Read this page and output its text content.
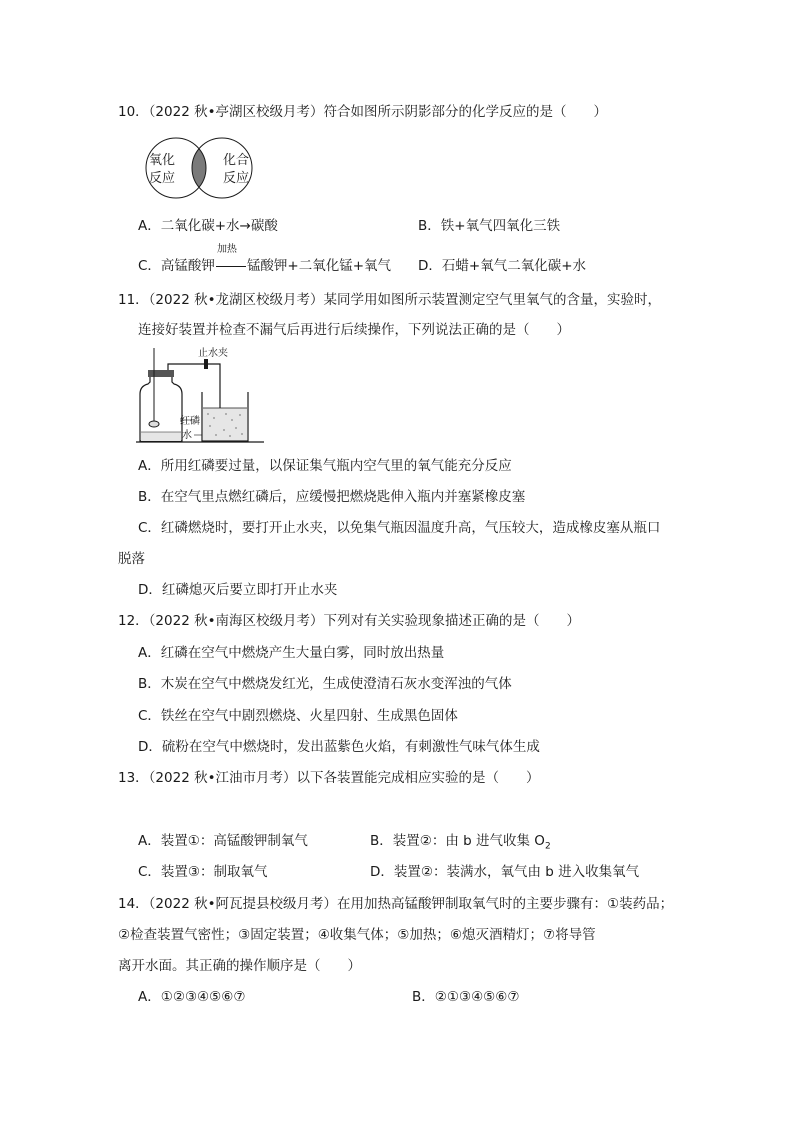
10．（2022 秋•亭湖区校级月考）符合如图所示阴影部分的化学反应的是（　　）
氧化
反应
化合
反应
A．二氧化碳+水→碳酸	B．铁+氧气四氧化三铁
C．高锰酸钾
加热
锰酸钾+二氧化锰+氧气 D．石蜡+氧气二氧化碳+水
11．（2022 秋•龙湖区校级月考）某同学用如图所示装置测定空气里氧气的含量，实验时，
连接好装置并检查不漏气后再进行后续操作，下列说法正确的是（　　）
止水夹
红磷
水
A．所用红磷要过量，以保证集气瓶内空气里的氧气能充分反应
B．在空气里点燃红磷后，应缓慢把燃烧匙伸入瓶内并塞紧橡皮塞
C．红磷燃烧时，要打开止水夹，以免集气瓶因温度升高，气压较大，造成橡皮塞从瓶口
脱落
D．红磷熄灭后要立即打开止水夹
12．（2022 秋•南海区校级月考）下列对有关实验现象描述正确的是（　　）
A．红磷在空气中燃烧产生大量白雾，同时放出热量
B．木炭在空气中燃烧发红光，生成使澄清石灰水变浑浊的气体
C．铁丝在空气中剧烈燃烧、火星四射、生成黑色固体
D．硫粉在空气中燃烧时，发出蓝紫色火焰，有刺激性气味气体生成
13．（2022 秋•江油市月考）以下各装置能完成相应实验的是（　　）
A．装置①：高锰酸钾制氧气	B．装置②：由 b 进气收集 $O_2$
C．装置③：制取氧气	D．装置②：装满水，氧气由 b 进入收集氧气
14．（2022 秋•阿瓦提县校级月考）在用加热高锰酸钾制取氧气时的主要步骤有：①装药品；
②检查装置气密性；③固定装置；④收集气体；⑤加热；⑥熄灭酒精灯；⑦将导管
离开水面。其正确的操作顺序是（　　）
A．①②③④⑤⑥⑦	B．②①③④⑤⑥⑦
